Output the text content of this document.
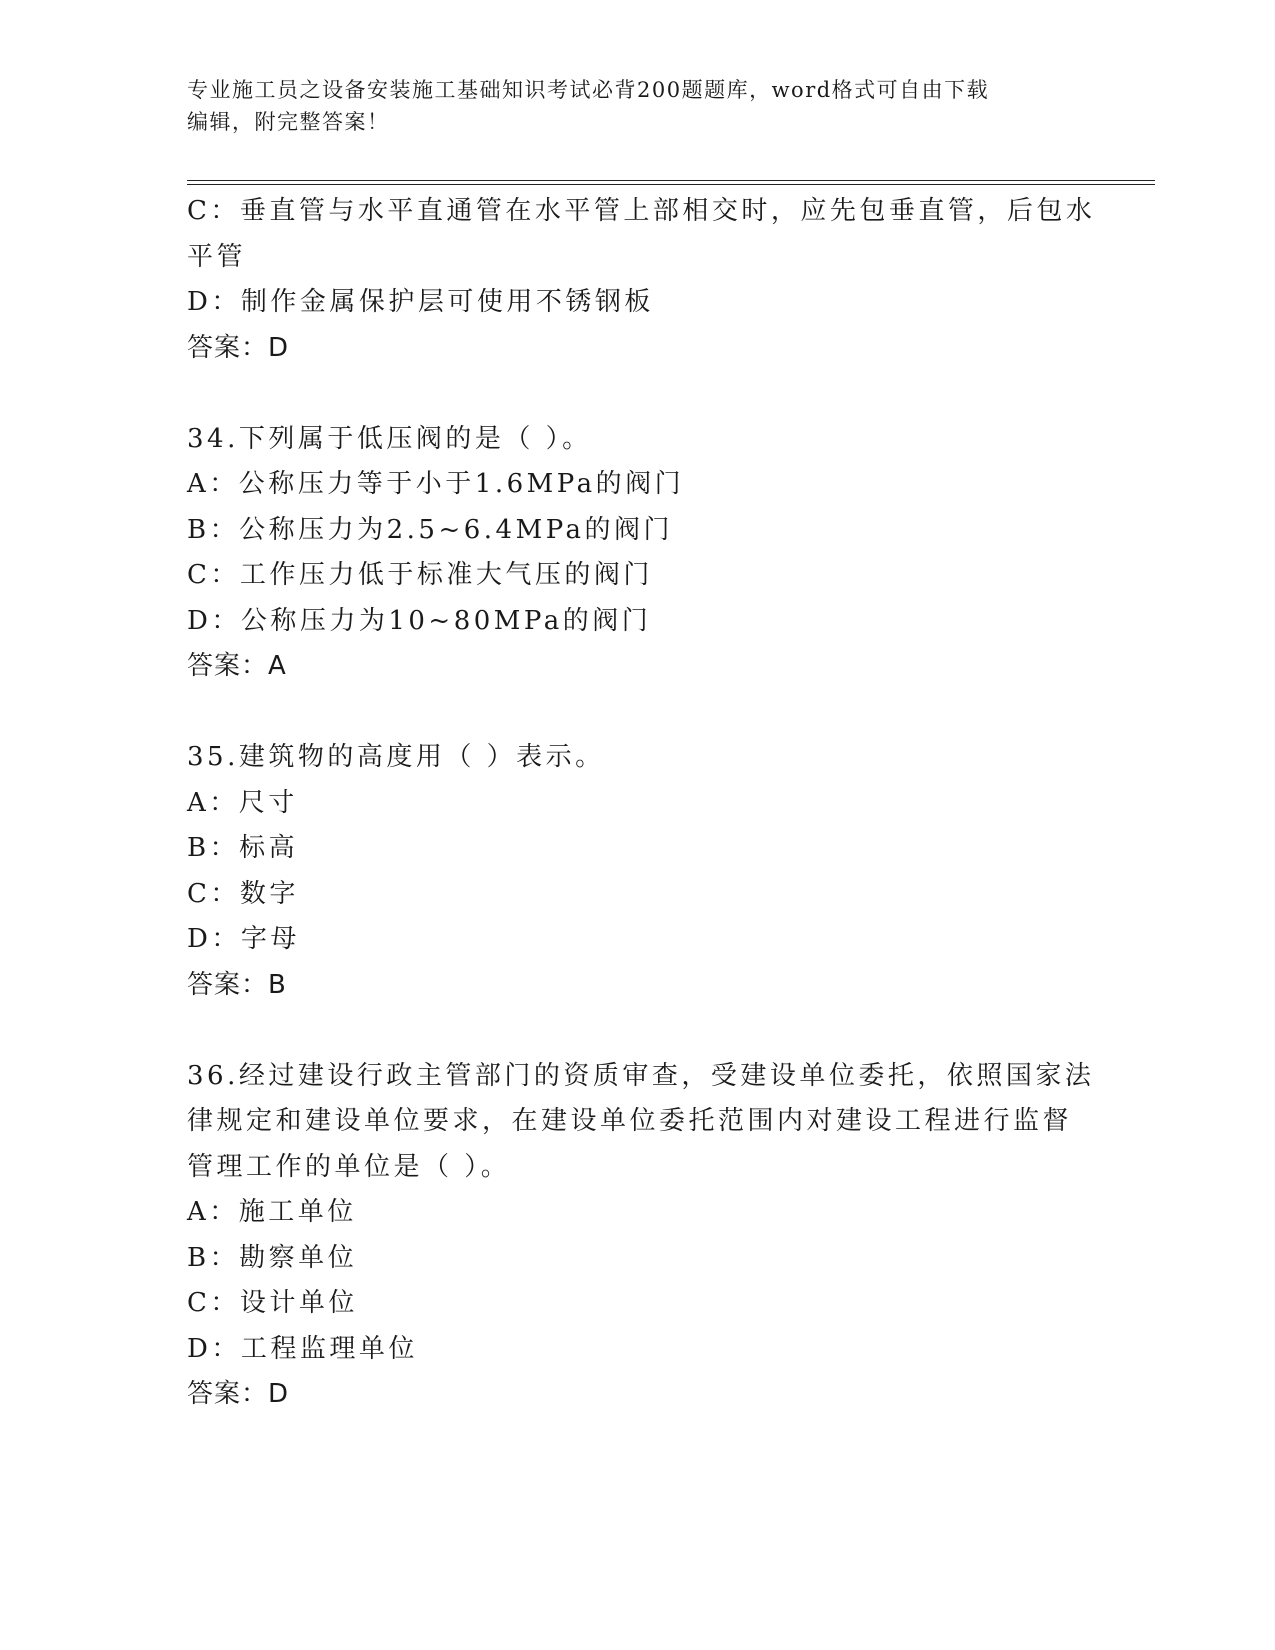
专业施工员之设备安装施工基础知识考试必背200题题库，word格式可自由下载
编辑，附完整答案！
C：垂直管与水平直通管在水平管上部相交时，应先包垂直管，后包水
平管
D：制作金属保护层可使用不锈钢板
答案：D
34.下列属于低压阀的是（ ）。
A：公称压力等于小于1.6MPa的阀门
B：公称压力为2.5~6.4MPa的阀门
C：工作压力低于标准大气压的阀门
D：公称压力为10~80MPa的阀门
答案：A
35.建筑物的高度用（ ）表示。
A：尺寸
B：标高
C：数字
D：字母
答案：B
36.经过建设行政主管部门的资质审查，受建设单位委托，依照国家法
律规定和建设单位要求，在建设单位委托范围内对建设工程进行监督
管理工作的单位是（ ）。
A：施工单位
B：勘察单位
C：设计单位
D：工程监理单位
答案：D
